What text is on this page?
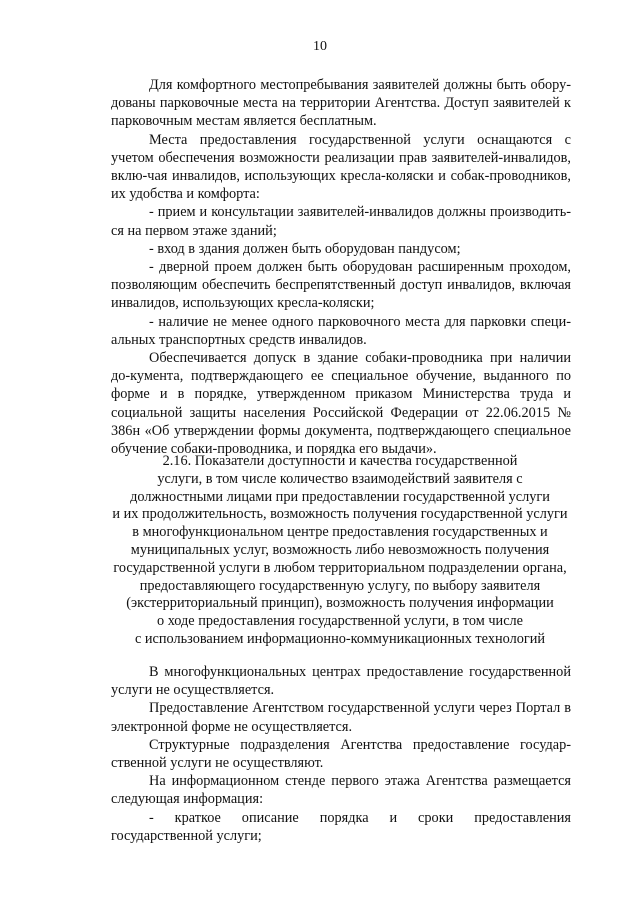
10

Для комфортного местопребывания заявителей должны быть обору-дованы парковочные места на территории Агентства. Доступ заявителей к парковочным местам является бесплатным.

Места предоставления государственной услуги оснащаются с учетом обеспечения возможности реализации прав заявителей-инвалидов, вклю-чая инвалидов, использующих кресла-коляски и собак-проводников, их удобства и комфорта:

- прием и консультации заявителей-инвалидов должны производить-ся на первом этаже зданий;

- вход в здания должен быть оборудован пандусом;

- дверной проем должен быть оборудован расширенным проходом, позволяющим обеспечить беспрепятственный доступ инвалидов, включая инвалидов, использующих кресла-коляски;

- наличие не менее одного парковочного места для парковки специ-альных транспортных средств инвалидов.

Обеспечивается допуск в здание собаки-проводника при наличии до-кумента, подтверждающего ее специальное обучение, выданного по форме и в порядке, утвержденном приказом Министерства труда и социальной защиты населения Российской Федерации от 22.06.2015 № 386н «Об утверждении формы документа, подтверждающего специальное обучение собаки-проводника, и порядка его выдачи».

2.16. Показатели доступности и качества государственной
услуги, в том числе количество взаимодействий заявителя с
должностными лицами при предоставлении государственной услуги
и их продолжительность, возможность получения государственной услуги
в многофункциональном центре предоставления государственных и
муниципальных услуг, возможность либо невозможность получения
государственной услуги в любом территориальном подразделении органа,
предоставляющего государственную услугу, по выбору заявителя
(экстерриториальный принцип), возможность получения информации
о ходе предоставления государственной услуги, в том числе
с использованием информационно-коммуникационных технологий

В многофункциональных центрах предоставление государственной услуги не осуществляется.

Предоставление Агентством государственной услуги через Портал в электронной форме не осуществляется.

Структурные подразделения Агентства предоставление государ-ственной услуги не осуществляют.

На информационном стенде первого этажа Агентства размещается следующая информация:

- краткое описание порядка и сроки предоставления государственной услуги;
